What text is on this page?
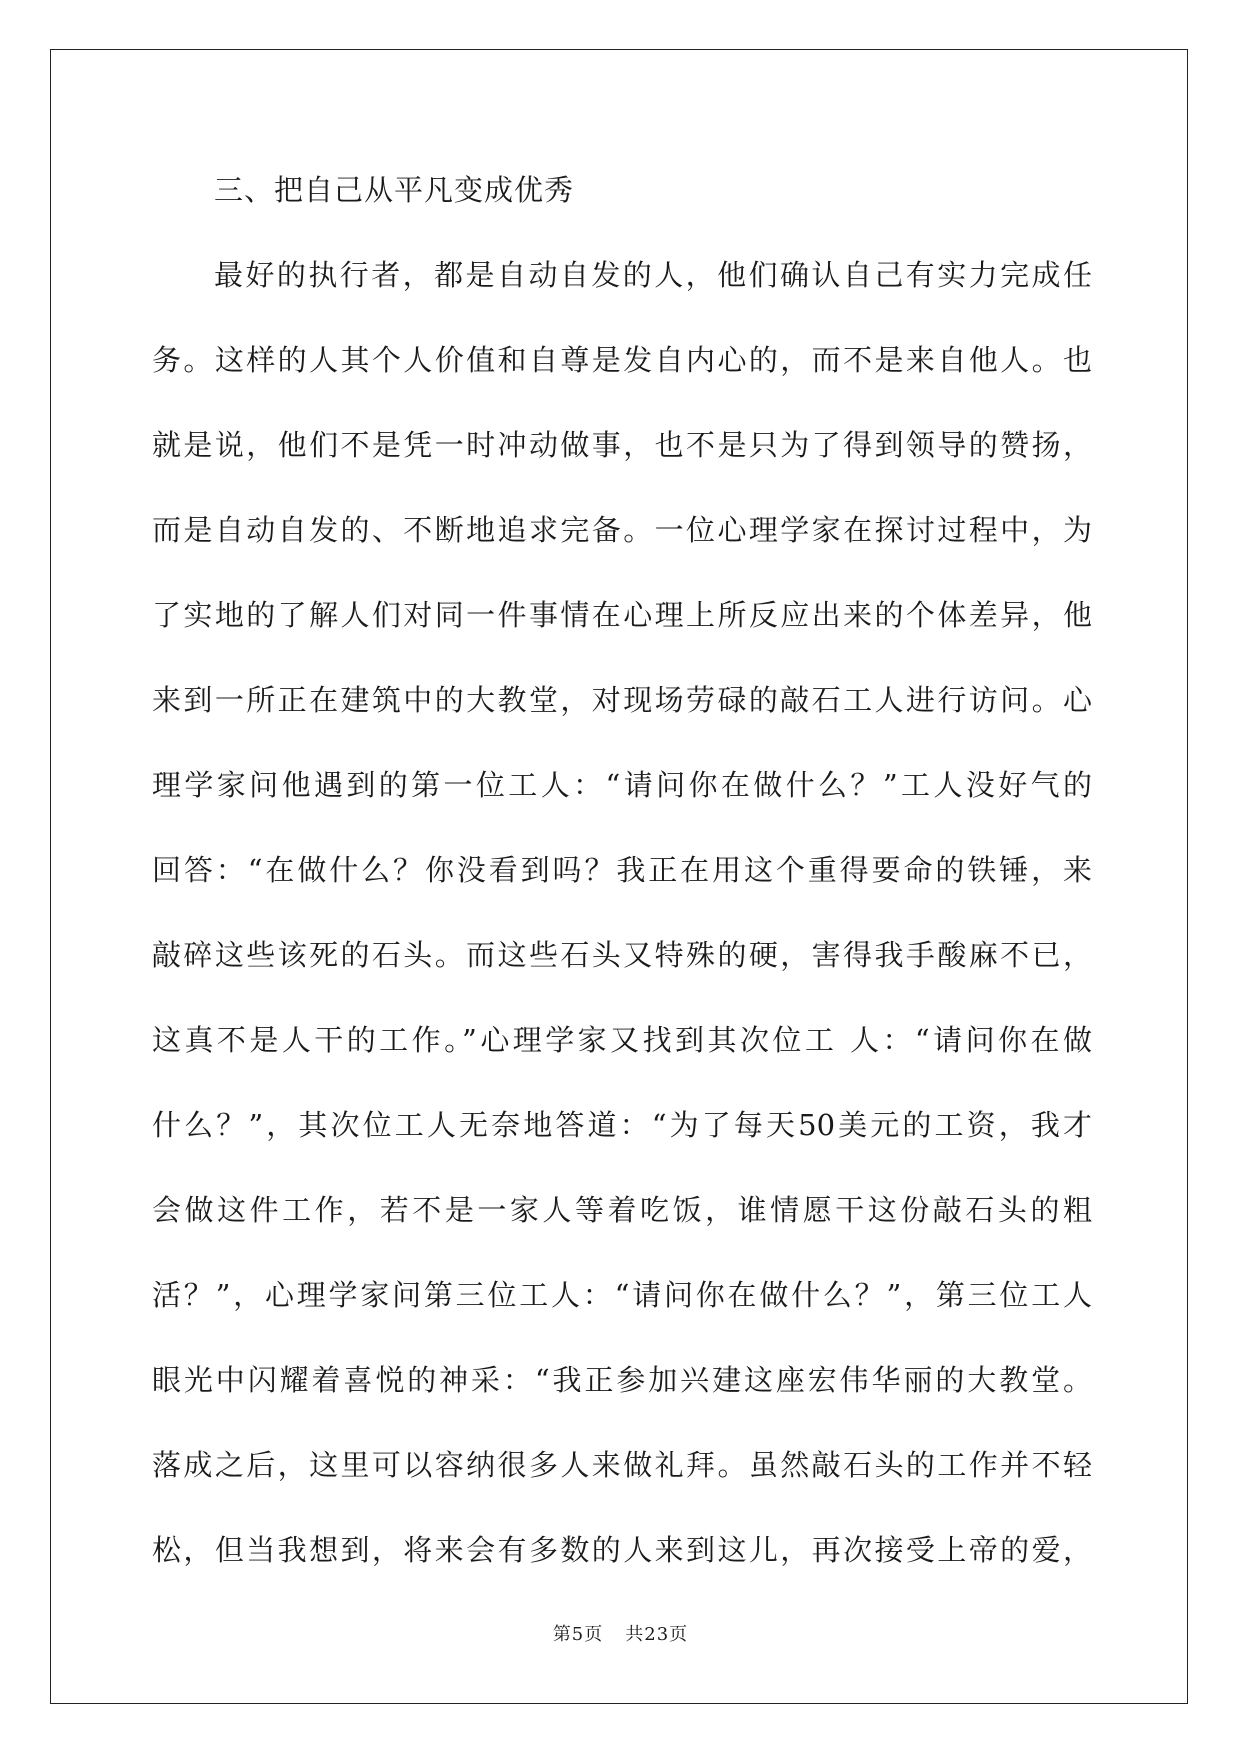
三、把自己从平凡变成优秀
最好的执行者，都是自动自发的人，他们确认自己有实力完成任
务。这样的人其个人价值和自尊是发自内心的，而不是来自他人。也
就是说，他们不是凭一时冲动做事，也不是只为了得到领导的赞扬，
而是自动自发的、不断地追求完备。一位心理学家在探讨过程中，为
了实地的了解人们对同一件事情在心理上所反应出来的个体差异，他
来到一所正在建筑中的大教堂，对现场劳碌的敲石工人进行访问。心
理学家问他遇到的第一位工人：“请问你在做什么？”工人没好气的
回答：“在做什么？你没看到吗？我正在用这个重得要命的铁锤，来
敲碎这些该死的石头。而这些石头又特殊的硬，害得我手酸麻不已，
这真不是人干的工作。”心理学家又找到其次位工 人：“请问你在做
什么？”，其次位工人无奈地答道：“为了每天50美元的工资，我才
会做这件工作，若不是一家人等着吃饭，谁情愿干这份敲石头的粗
活？”，心理学家问第三位工人：“请问你在做什么？”，第三位工人
眼光中闪耀着喜悦的神采：“我正参加兴建这座宏伟华丽的大教堂。
落成之后，这里可以容纳很多人来做礼拜。虽然敲石头的工作并不轻
松，但当我想到，将来会有多数的人来到这儿，再次接受上帝的爱，
第5页 共23页
